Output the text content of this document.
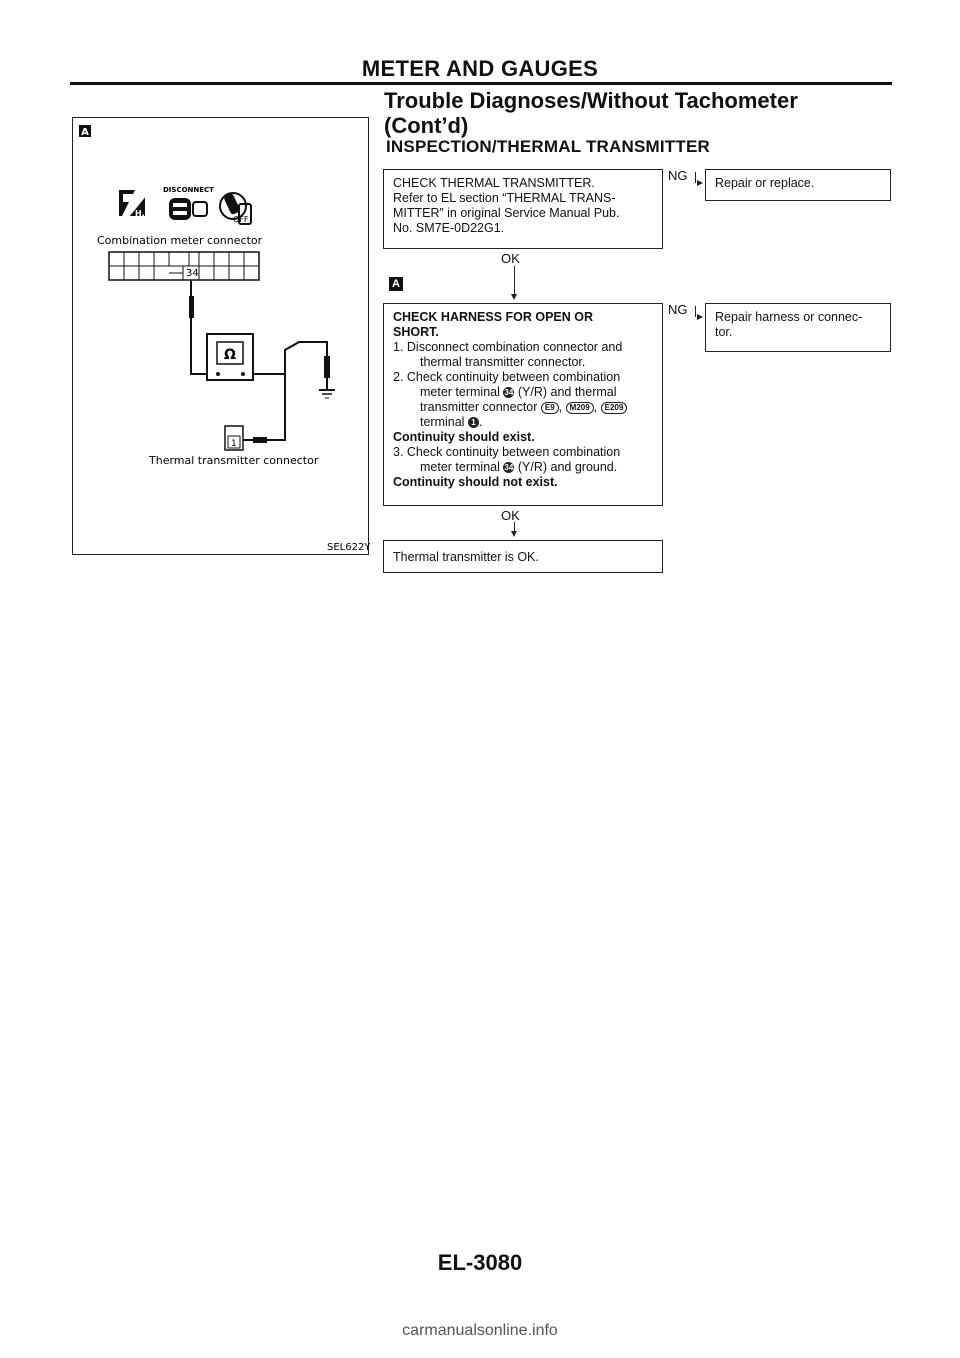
METER AND GAUGES
Trouble Diagnoses/Without Tachometer
(Cont’d)
INSPECTION/THERMAL TRANSMITTER
A
H.S.
DISCONNECT
OFF
Combination meter connector
34
Ω
1
Thermal transmitter connector
SEL622Y
CHECK THERMAL TRANSMITTER.
Refer to EL section “THERMAL TRANS-
MITTER” in original Service Manual Pub.
No. SM7E-0D22G1.
NG	Repair or replace.
OK
A
CHECK HARNESS FOR OPEN OR
SHORT.
1. Disconnect combination connector and
thermal transmitter connector.
2. Check continuity between combination
meter terminal 34 (Y/R) and thermal
transmitter connector E9 , M209 , E209
terminal 1 .
Continuity should exist.
3. Check continuity between combination
meter terminal 34 (Y/R) and ground.
Continuity should not exist.
NG Repair harness or connec-
tor.
OK
Thermal transmitter is OK.
EL-3080
carmanualsonline.info
